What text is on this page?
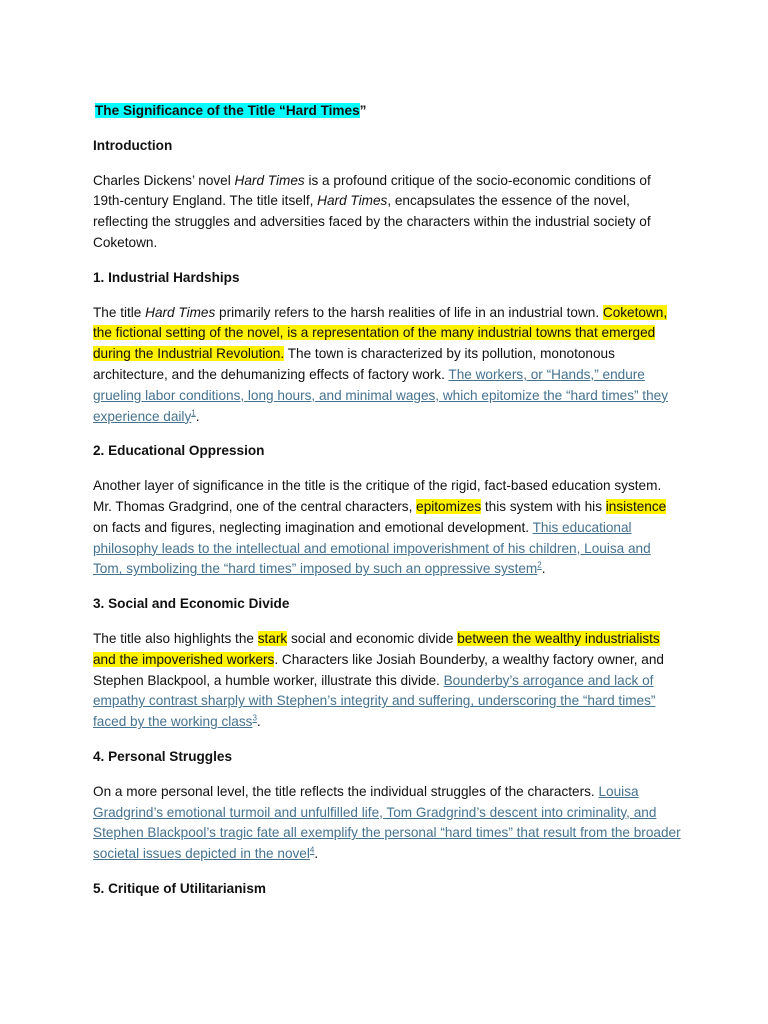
The Significance of the Title “Hard Times”
Introduction

Charles Dickens’ novel Hard Times is a profound critique of the socio-economic conditions of 19th-century England. The title itself, Hard Times, encapsulates the essence of the novel, reflecting the struggles and adversities faced by the characters within the industrial society of Coketown.

1. Industrial Hardships

The title Hard Times primarily refers to the harsh realities of life in an industrial town. Coketown, the fictional setting of the novel, is a representation of the many industrial towns that emerged during the Industrial Revolution. The town is characterized by its pollution, monotonous architecture, and the dehumanizing effects of factory work. The workers, or “Hands,” endure grueling labor conditions, long hours, and minimal wages, which epitomize the “hard times” they experience daily$^1$.

2. Educational Oppression

Another layer of significance in the title is the critique of the rigid, fact-based education system. Mr. Thomas Gradgrind, one of the central characters, epitomizes this system with his insistence on facts and figures, neglecting imagination and emotional development. This educational philosophy leads to the intellectual and emotional impoverishment of his children, Louisa and Tom, symbolizing the “hard times” imposed by such an oppressive system$^2$.

3. Social and Economic Divide

The title also highlights the stark social and economic divide between the wealthy industrialists and the impoverished workers. Characters like Josiah Bounderby, a wealthy factory owner, and Stephen Blackpool, a humble worker, illustrate this divide. Bounderby’s arrogance and lack of empathy contrast sharply with Stephen’s integrity and suffering, underscoring the “hard times” faced by the working class$^3$.

4. Personal Struggles

On a more personal level, the title reflects the individual struggles of the characters. Louisa Gradgrind’s emotional turmoil and unfulfilled life, Tom Gradgrind’s descent into criminality, and Stephen Blackpool’s tragic fate all exemplify the personal “hard times” that result from the broader societal issues depicted in the novel$^4$.

5. Critique of Utilitarianism
